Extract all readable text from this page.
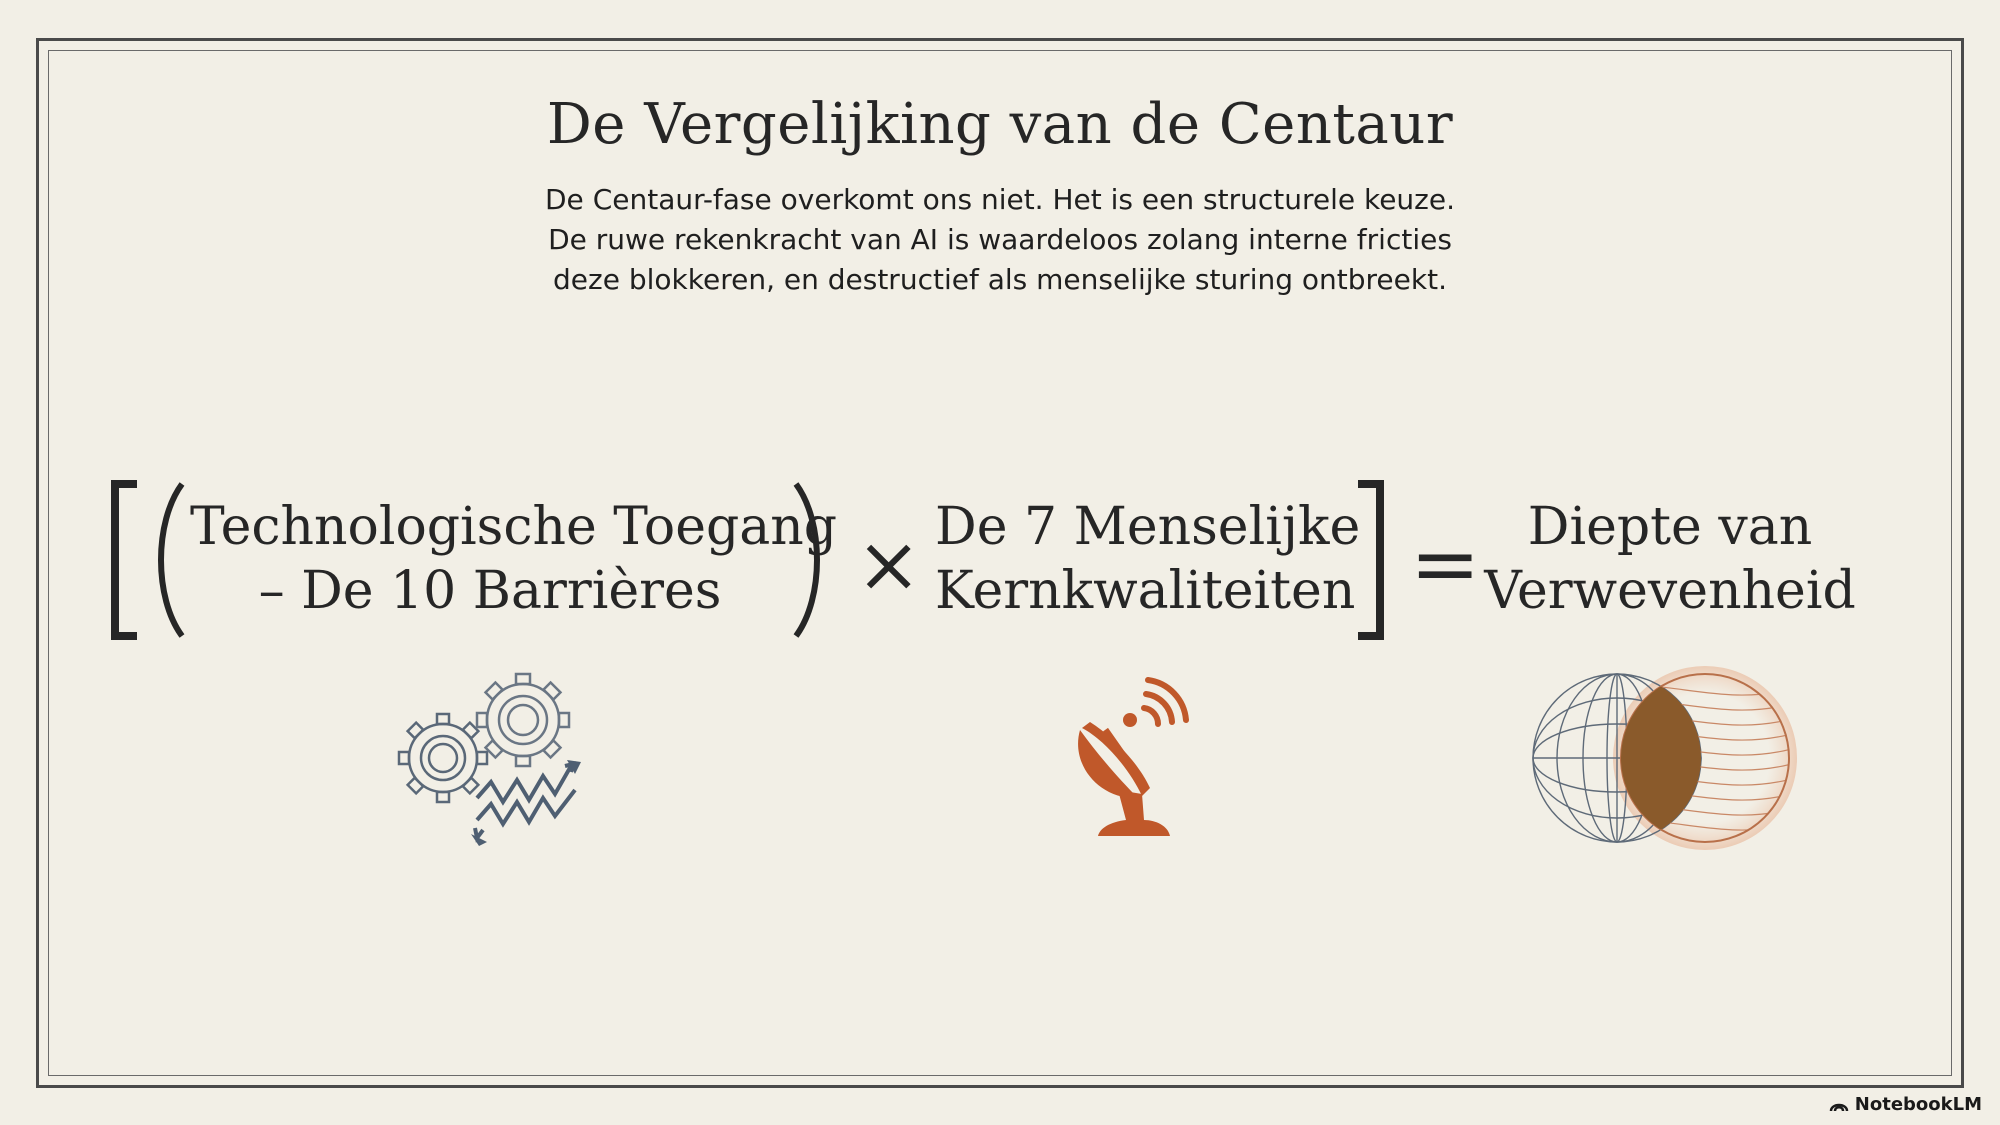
De Vergelijking van de Centaur
De Centaur-fase overkomt ons niet. Het is een structurele keuze.
De ruwe rekenkracht van AI is waardeloos zolang interne fricties
deze blokkeren, en destructief als menselijke sturing ontbreekt.
Technologische Toegang
– De 10 Barrières	× De 7 Menselijke
Kernkwaliteiten = Diepte van
Verwevenheid
NotebookLM
